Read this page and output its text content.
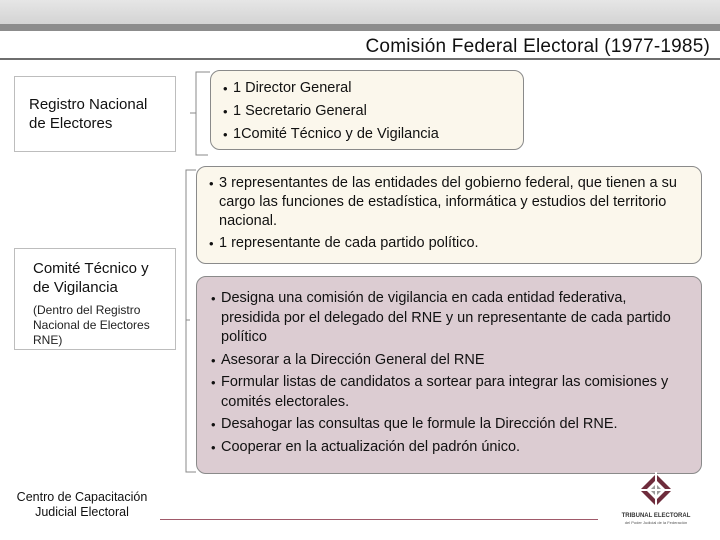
Comisión Federal Electoral (1977-1985)
Registro Nacional
de Electores
Comité Técnico y
de Vigilancia
(Dentro del Registro
Nacional de Electores
RNE)
• 1 Director General
• 1 Secretario General
• 1Comité Técnico y de Vigilancia
• 3 representantes de las entidades del gobierno federal, que tienen a su cargo las funciones de estadística, informática y estudios del territorio nacional.
• 1 representante de cada partido político.
• Designa una comisión de vigilancia en cada entidad federativa, presidida por el delegado del RNE y un representante de cada partido político
• Asesorar a la Dirección General del RNE
• Formular listas de candidatos a sortear para integrar las comisiones y comités electorales.
• Desahogar las consultas que le formule la Dirección del RNE.
• Cooperar en la actualización del padrón único.
Centro de Capacitación
Judicial Electoral	TRIBUNAL ELECTORAL
del Poder Judicial de la Federación
